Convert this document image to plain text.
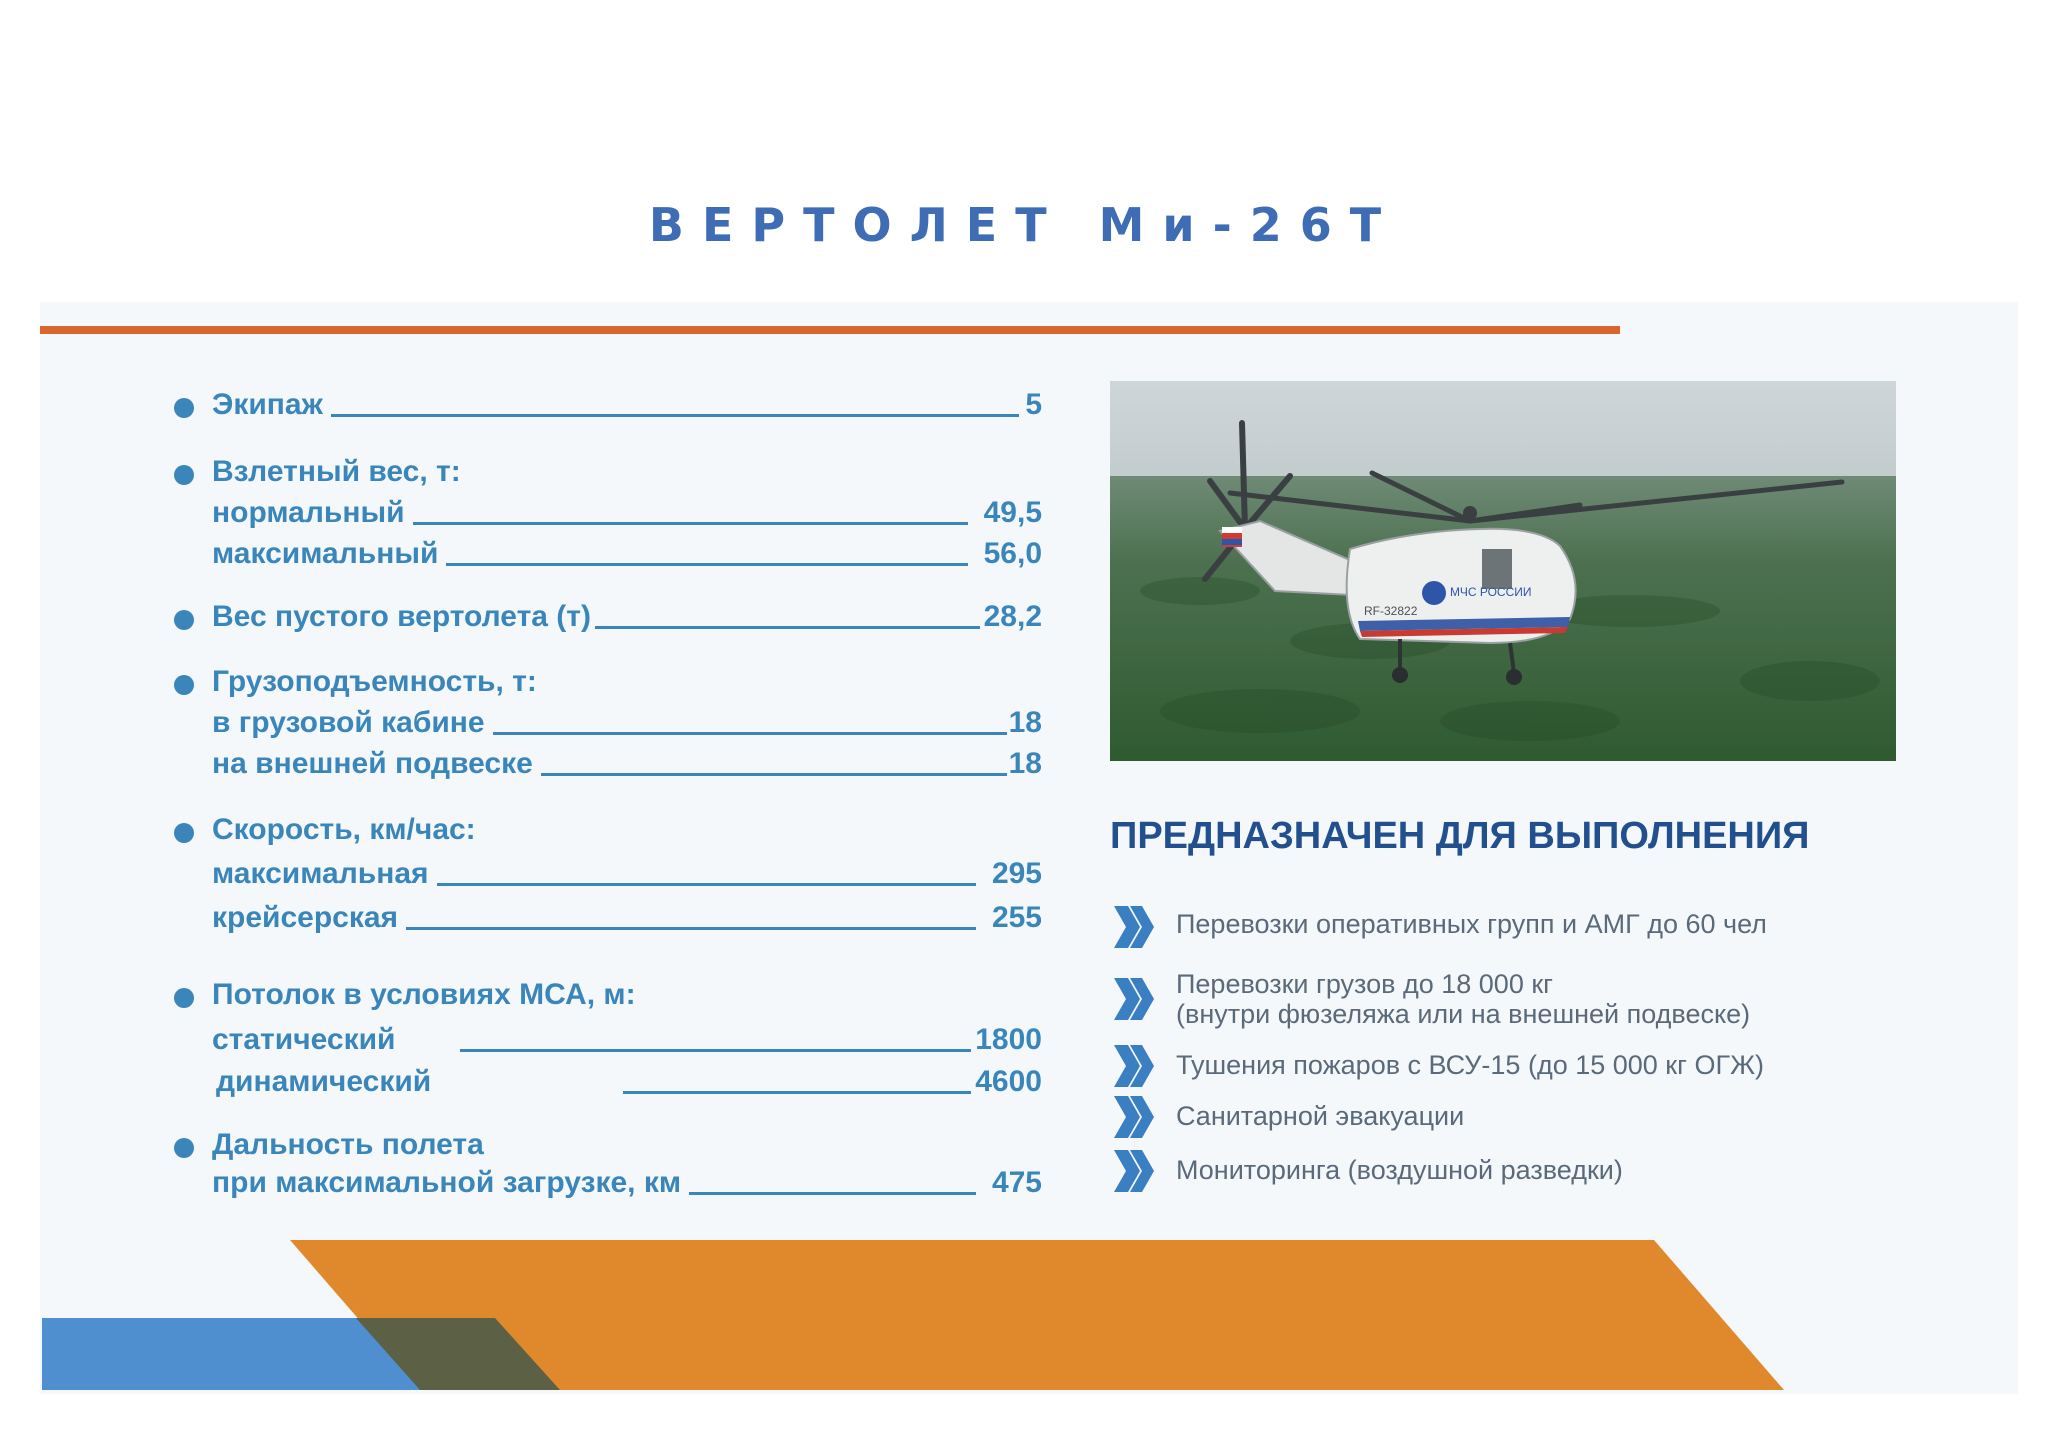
ВЕРТОЛЕТ Ми-26Т
Экипаж	5
Взлетный вес, т:
нормальный	49,5
максимальный	56,0
Вес пустого вертолета (т)	28,2
Грузоподъемность, т:
в грузовой кабине	18
на внешней подвеске	18
Скорость, км/час:
максимальная	295
крейсерская	255
Потолок в условиях МСА, м:
статический	1800
динамический	4600
Дальность полета
при максимальной загрузке, км	475
RF-32822
МЧС РОССИИ
ПРЕДНАЗНАЧЕН ДЛЯ ВЫПОЛНЕНИЯ
Перевозки оперативных групп и АМГ до 60 чел
Перевозки грузов до 18 000 кг
(внутри фюзеляжа или на внешней подвеске)
Тушения пожаров с ВСУ-15 (до 15 000 кг ОГЖ)
Санитарной эвакуации
Мониторинга (воздушной разведки)
